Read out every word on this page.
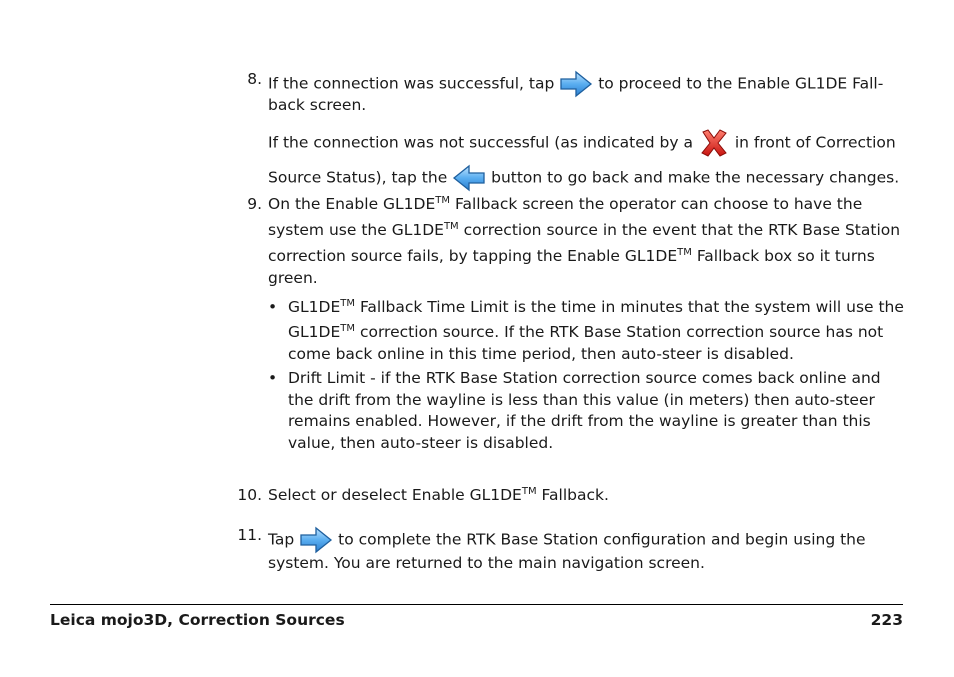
8. If the connection was successful, tap	to proceed to the Enable GL1DE Fall-
back screen.
If the connection was not successful (as indicated by a	in front of Correction
Source Status), tap the	button to go back and make the necessary changes.
9. On the Enable GL1DE™ Fallback screen the operator can choose to have the
system use the GL1DE™ correction source in the event that the RTK Base Station
correction source fails, by tapping the Enable GL1DE™ Fallback box so it turns
green.
• GL1DE™ Fallback Time Limit is the time in minutes that the system will use the
GL1DE™ correction source. If the RTK Base Station correction source has not
come back online in this time period, then auto-steer is disabled.
• Drift Limit - if the RTK Base Station correction source comes back online and
the drift from the wayline is less than this value (in meters) then auto-steer
remains enabled. However, if the drift from the wayline is greater than this
value, then auto-steer is disabled.
10. Select or deselect Enable GL1DE™ Fallback.
11. Tap	to complete the RTK Base Station configuration and begin using the
system. You are returned to the main navigation screen.
Leica mojo3D, Correction Sources	223
